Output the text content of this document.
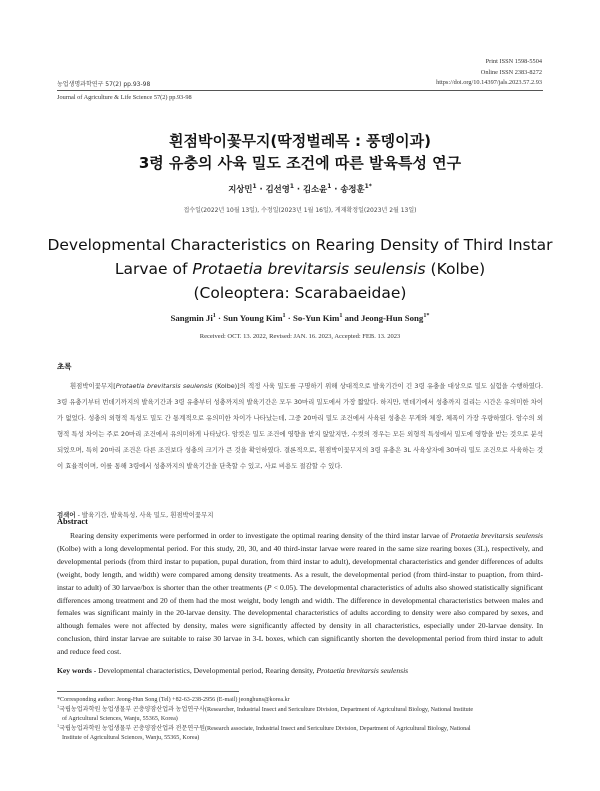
Print ISSN 1598-5504
Online ISSN 2383-8272
https://doi.org/10.14397/jals.2023.57.2.93
농업생명과학연구 57(2) pp.93-98
Journal of Agriculture & Life Science 57(2) pp.93-98
흰점박이꽃무지(딱정벌레목 : 풍뎅이과)
3령 유충의 사육 밀도 조건에 따른 발육특성 연구
지상민$^1$ · 김선영$^1$ · 김소윤$^1$ · 송정훈$^{1*}$
접수일(2022년 10월 13일), 수정일(2023년 1월 16일), 게재확정일(2023년 2월 13일)
Developmental Characteristics on Rearing Density of Third Instar
Larvae of Protaetia brevitarsis seulensis (Kolbe)
(Coleoptera: Scarabaeidae)
Sangmin $Ji^1$ · Sun Young Kim$^1$ · So-Yun Kim$^1$ and Jeong-Hun Song$^{1*}$
Received: OCT. 13. 2022, Revised: JAN. 16. 2023, Accepted: FEB. 13. 2023
초록
흰점박이꽃무지[Protaetia brevitarsis seulensis (Kolbe)]의 적정 사육 밀도를 구명하기 위해 상대적으로 발육기간이 긴 3령 유충을 대상으로 밀도 실험을 수행하였다. 3령 유충기부터 번데기까지의 발육기간과 3령 유충부터 성충까지의 발육기간은 모두 30마리 밀도에서 가장 짧았다. 하지만, 번데기에서 성충까지 걸리는 시간은 유의미한 차이가 없었다. 성충의 외형적 특성도 밀도 간 통계적으로 유의미한 차이가 나타났는데, 그중 20마리 밀도 조건에서 사육된 성충은 무게와 체장, 체폭이 가장 우량하였다. 암수의 외형적 특성 차이는 주로 20마리 조건에서 유의미하게 나타났다. 암컷은 밀도 조건에 영향을 받지 않았지만, 수컷의 경우는 모든 외형적 특성에서 밀도에 영향을 받는 것으로 분석되었으며, 특히 20마리 조건은 다른 조건보다 성충의 크기가 큰 것을 확인하였다. 결론적으로, 흰점박이꽃무지의 3령 유충은 3L 사육상자에 30마리 밀도 조건으로 사육하는 것이 효율적이며, 이를 통해 3령에서 성충까지의 발육기간을 단축할 수 있고, 사료 비용도 절감할 수 있다.
검색어 - 발육기간, 발육특성, 사육 밀도, 흰점박이꽃무지
Abstract
Rearing density experiments were performed in order to investigate the optimal rearing density of the third instar larvae of Protaetia brevitarsis seulensis (Kolbe) with a long developmental period. For this study, 20, 30, and 40 third-instar larvae were reared in the same size rearing boxes (3L), respectively, and developmental periods (from third instar to pupation, pupal duration, from third instar to adult), developmental characteristics and gender differences of adults (weight, body length, and width) were compared among density treatments. As a result, the developmental period (from third-instar to puaption, from third-instar to adult) of 30 larvae/box is shorter than the other treatments (P < 0.05). The developmental characteristics of adults also showed statistically significant differences among treatment and 20 of them had the most weight, body length and width. The difference in developmental characteristics between males and females was significant mainly in the 20-larvae density. The developmental characteristics of adults according to density were also compared by sexes, and although females were not affected by density, males were significantly affected by density in all characteristics, especially under 20-larvae density. In conclusion, third instar larvae are suitable to raise 30 larvae in 3-L boxes, which can significantly shorten the developmental period from third instar to adult and reduce feed cost.
Key words - Developmental characteristics, Developmental period, Rearing density, Protaetia brevitarsis seulensis
*Corresponding author: Jeong-Hun Song (Tel) +82-63-238-2956 (E-mail) jeonghuns@korea.kr
$^1$국립농업과학원 농업생물부 곤충양잠산업과 농업연구사(Researcher, Industrial Insect and Sericulture Division, Department of Agricultural Biology, National Institute
of Agricultural Sciences, Wanju, 55365, Korea)
$^1$국립농업과학원 농업생물부 곤충양잠산업과 전문연구원(Research associate, Industrial Insect and Sericulture Division, Department of Agricultural Biology, National
Institute of Agricultural Sciences, Wanju, 55365, Korea)
